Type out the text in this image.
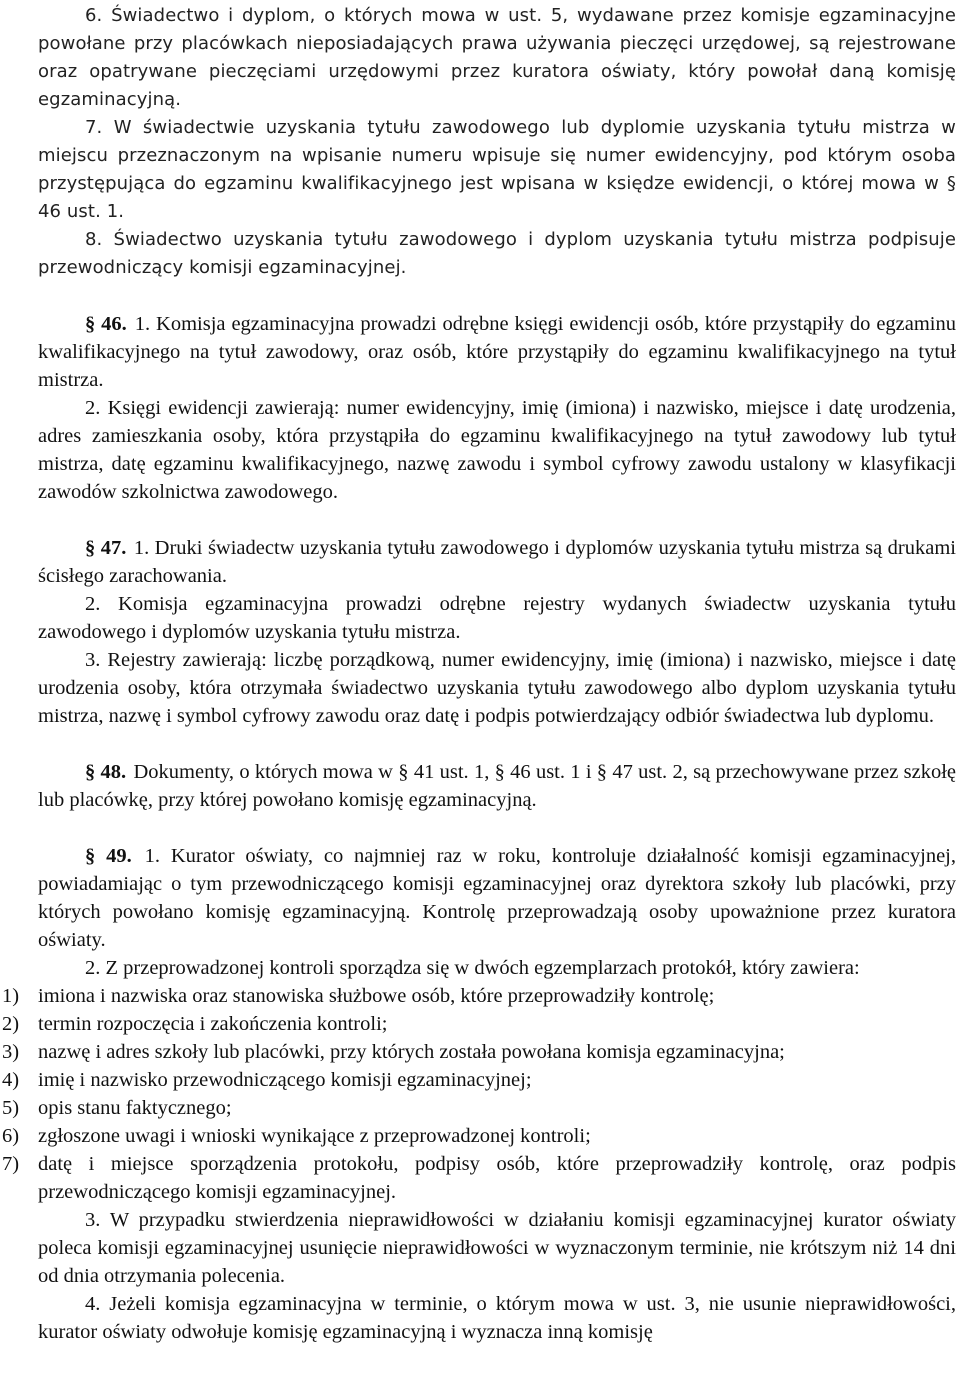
6. Świadectwo i dyplom, o których mowa w ust. 5, wydawane przez komisje egzaminacyjne powołane przy placówkach nieposiadających prawa używania pieczęci urzędowej, są rejestrowane oraz opatrywane pieczęciami urzędowymi przez kuratora oświaty, który powołał daną komisję egzaminacyjną.

7. W świadectwie uzyskania tytułu zawodowego lub dyplomie uzyskania tytułu mistrza w miejscu przeznaczonym na wpisanie numeru wpisuje się numer ewidencyjny, pod którym osoba przystępująca do egzaminu kwalifikacyjnego jest wpisana w księdze ewidencji, o której mowa w § 46 ust. 1.

8. Świadectwo uzyskania tytułu zawodowego i dyplom uzyskania tytułu mistrza podpisuje przewodniczący komisji egzaminacyjnej.

§ 46. 1. Komisja egzaminacyjna prowadzi odrębne księgi ewidencji osób, które przystąpiły do egzaminu kwalifikacyjnego na tytuł zawodowy, oraz osób, które przystąpiły do egzaminu kwalifikacyjnego na tytuł mistrza.

2. Księgi ewidencji zawierają: numer ewidencyjny, imię (imiona) i nazwisko, miejsce i datę urodzenia, adres zamieszkania osoby, która przystąpiła do egzaminu kwalifikacyjnego na tytuł zawodowy lub tytuł mistrza, datę egzaminu kwalifikacyjnego, nazwę zawodu i symbol cyfrowy zawodu ustalony w klasyfikacji zawodów szkolnictwa zawodowego.

§ 47. 1. Druki świadectw uzyskania tytułu zawodowego i dyplomów uzyskania tytułu mistrza są drukami ścisłego zarachowania.

2. Komisja egzaminacyjna prowadzi odrębne rejestry wydanych świadectw uzyskania tytułu zawodowego i dyplomów uzyskania tytułu mistrza.

3. Rejestry zawierają: liczbę porządkową, numer ewidencyjny, imię (imiona) i nazwisko, miejsce i datę urodzenia osoby, która otrzymała świadectwo uzyskania tytułu zawodowego albo dyplom uzyskania tytułu mistrza, nazwę i symbol cyfrowy zawodu oraz datę i podpis potwierdzający odbiór świadectwa lub dyplomu.

§ 48. Dokumenty, o których mowa w § 41 ust. 1, § 46 ust. 1 i § 47 ust. 2, są przechowywane przez szkołę lub placówkę, przy której powołano komisję egzaminacyjną.

§ 49. 1. Kurator oświaty, co najmniej raz w roku, kontroluje działalność komisji egzaminacyjnej, powiadamiając o tym przewodniczącego komisji egzaminacyjnej oraz dyrektora szkoły lub placówki, przy których powołano komisję egzaminacyjną. Kontrolę przeprowadzają osoby upoważnione przez kuratora oświaty.

2. Z przeprowadzonej kontroli sporządza się w dwóch egzemplarzach protokół, który zawiera:

1) imiona i nazwiska oraz stanowiska służbowe osób, które przeprowadziły kontrolę;
2) termin rozpoczęcia i zakończenia kontroli;
3) nazwę i adres szkoły lub placówki, przy których została powołana komisja egzaminacyjna;
4) imię i nazwisko przewodniczącego komisji egzaminacyjnej;
5) opis stanu faktycznego;
6) zgłoszone uwagi i wnioski wynikające z przeprowadzonej kontroli;
7) datę i miejsce sporządzenia protokołu, podpisy osób, które przeprowadziły kontrolę, oraz podpis przewodniczącego komisji egzaminacyjnej.

3. W przypadku stwierdzenia nieprawidłowości w działaniu komisji egzaminacyjnej kurator oświaty poleca komisji egzaminacyjnej usunięcie nieprawidłowości w wyznaczonym terminie, nie krótszym niż 14 dni od dnia otrzymania polecenia.

4. Jeżeli komisja egzaminacyjna w terminie, o którym mowa w ust. 3, nie usunie nieprawidłowości, kurator oświaty odwołuje komisję egzaminacyjną i wyznacza inną komisję
